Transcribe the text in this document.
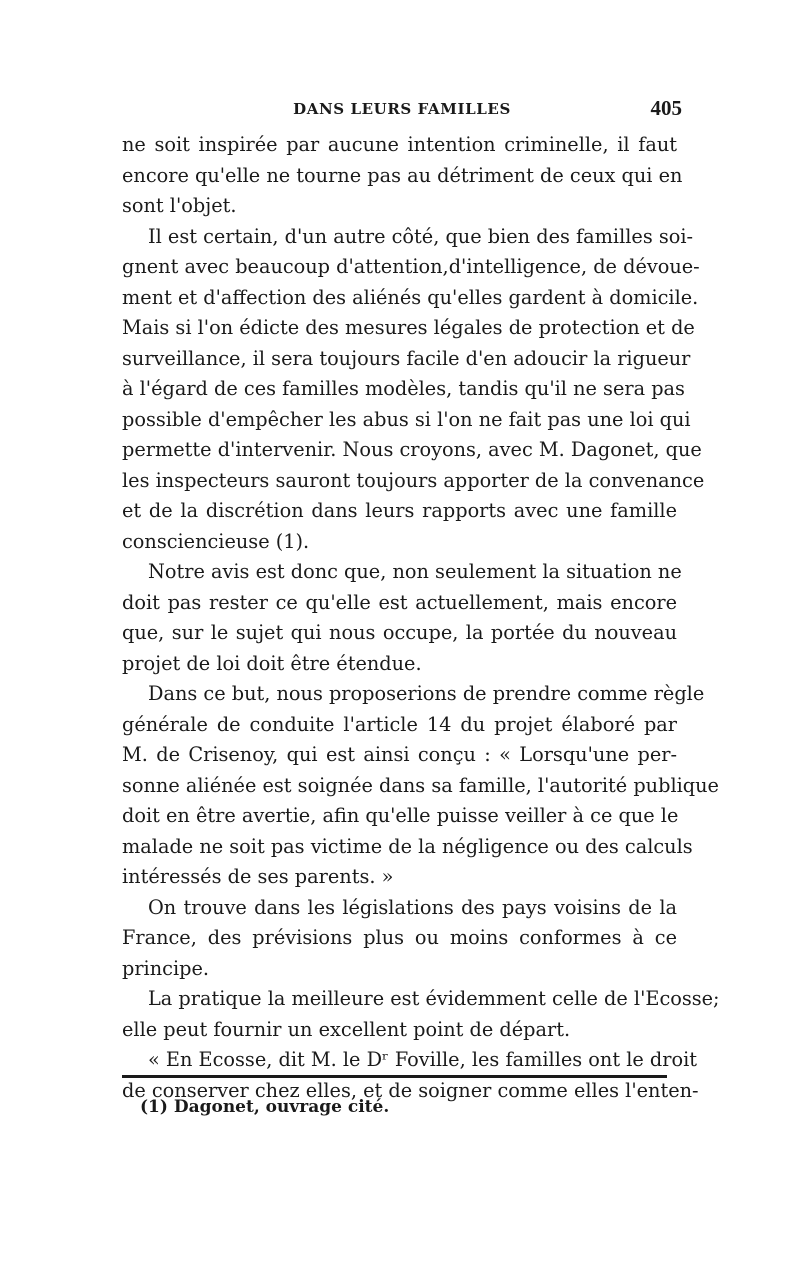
DANS LEURS FAMILLES	405
ne soit inspirée par aucune intention criminelle, il faut
encore qu'elle ne tourne pas au détriment de ceux qui en
sont l'objet.
Il est certain, d'un autre côté, que bien des familles soi-
gnent avec beaucoup d'attention,d'intelligence, de dévoue-
ment et d'affection des aliénés qu'elles gardent à domicile.
Mais si l'on édicte des mesures légales de protection et de
surveillance, il sera toujours facile d'en adoucir la rigueur
à l'égard de ces familles modèles, tandis qu'il ne sera pas
possible d'empêcher les abus si l'on ne fait pas une loi qui
permette d'intervenir. Nous croyons, avec M. Dagonet, que
les inspecteurs sauront toujours apporter de la convenance
et de la discrétion dans leurs rapports avec une famille
consciencieuse (1).
Notre avis est donc que, non seulement la situation ne
doit pas rester ce qu'elle est actuellement, mais encore
que, sur le sujet qui nous occupe, la portée du nouveau
projet de loi doit être étendue.
Dans ce but, nous proposerions de prendre comme règle
générale de conduite l'article 14 du projet élaboré par
M. de Crisenoy, qui est ainsi conçu : « Lorsqu'une per-
sonne aliénée est soignée dans sa famille, l'autorité publique
doit en être avertie, afin qu'elle puisse veiller à ce que le
malade ne soit pas victime de la négligence ou des calculs
intéressés de ses parents. »
On trouve dans les législations des pays voisins de la
France, des prévisions plus ou moins conformes à ce
principe.
La pratique la meilleure est évidemment celle de l'Ecosse;
elle peut fournir un excellent point de départ.
« En Ecosse, dit M. le Dʳ Foville, les familles ont le droit
de conserver chez elles, et de soigner comme elles l'enten-
(1) Dagonet, ouvrage cité.
